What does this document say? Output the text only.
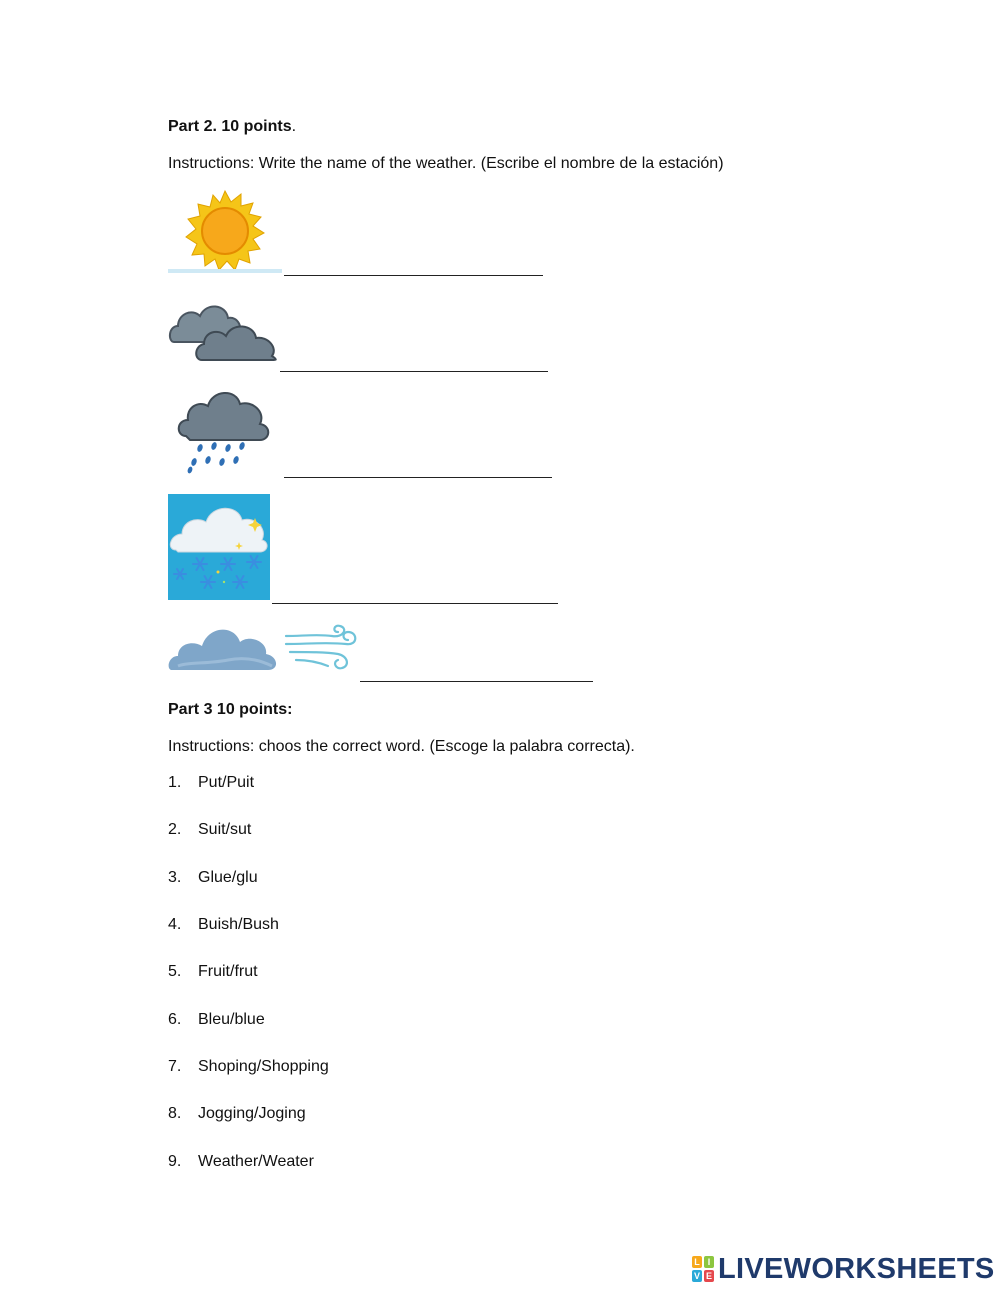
Part 2. 10 points.
Instructions: Write the name of the weather. (Escribe el nombre de la estación)
Part 3 10 points:
Instructions: choos the correct word. (Escoge la palabra correcta).
1. Put/Puit
2. Suit/sut
3. Glue/glu
4. Buish/Bush
5. Fruit/frut
6. Bleu/blue
7. Shoping/Shopping
8. Jogging/Joging
9. Weather/Weater
L I
V E LIVEWORKSHEETS
